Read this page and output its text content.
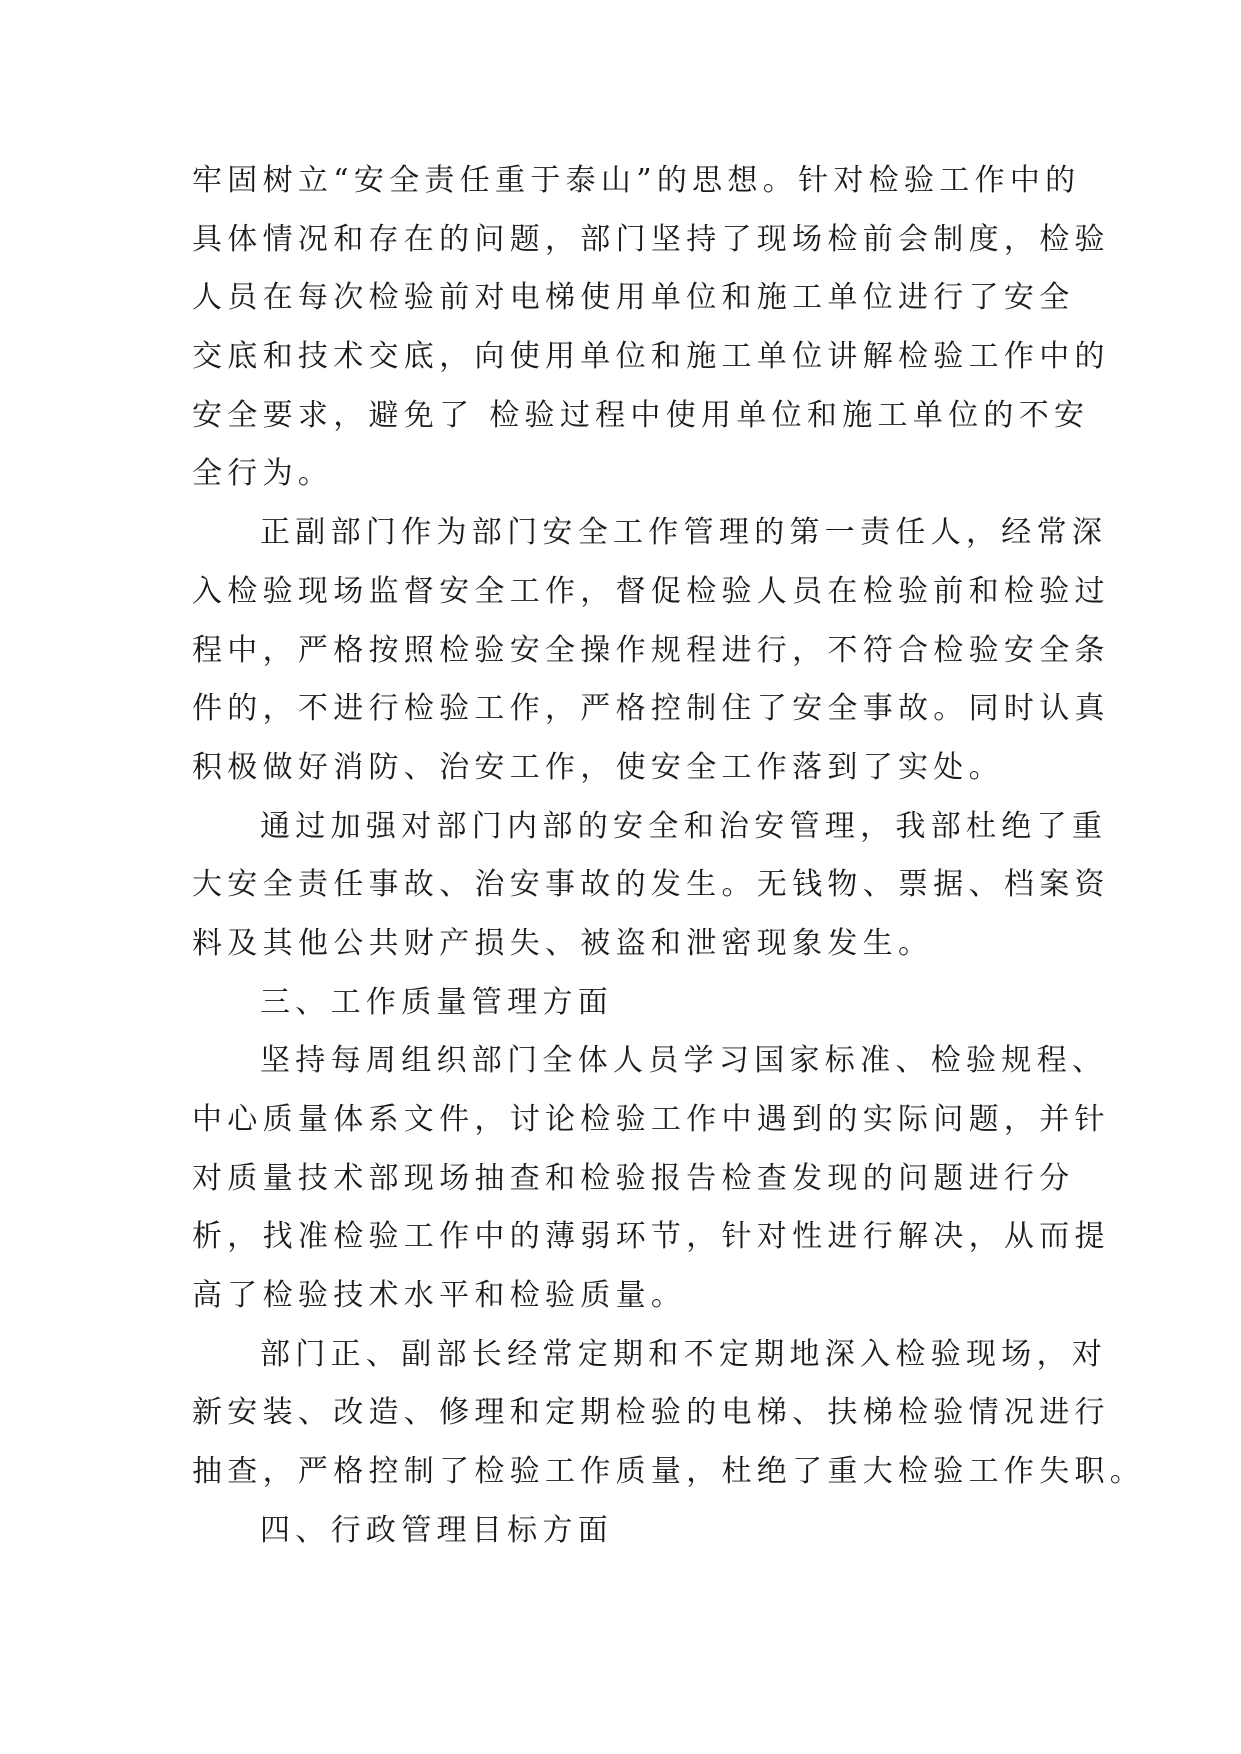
牢固树立“安全责任重于泰山”的思想。针对检验工作中的
具体情况和存在的问题，部门坚持了现场检前会制度，检验
人员在每次检验前对电梯使用单位和施工单位进行了安全
交底和技术交底，向使用单位和施工单位讲解检验工作中的
安全要求，避免了 检验过程中使用单位和施工单位的不安
全行为。
正副部门作为部门安全工作管理的第一责任人，经常深
入检验现场监督安全工作，督促检验人员在检验前和检验过
程中，严格按照检验安全操作规程进行，不符合检验安全条
件的，不进行检验工作，严格控制住了安全事故。同时认真
积极做好消防、治安工作，使安全工作落到了实处。
通过加强对部门内部的安全和治安管理，我部杜绝了重
大安全责任事故、治安事故的发生。无钱物、票据、档案资
料及其他公共财产损失、被盗和泄密现象发生。
三、工作质量管理方面
坚持每周组织部门全体人员学习国家标准、检验规程、
中心质量体系文件，讨论检验工作中遇到的实际问题，并针
对质量技术部现场抽查和检验报告检查发现的问题进行分
析，找准检验工作中的薄弱环节，针对性进行解决，从而提
高了检验技术水平和检验质量。
部门正、副部长经常定期和不定期地深入检验现场，对
新安装、改造、修理和定期检验的电梯、扶梯检验情况进行
抽查，严格控制了检验工作质量，杜绝了重大检验工作失职。
四、行政管理目标方面
